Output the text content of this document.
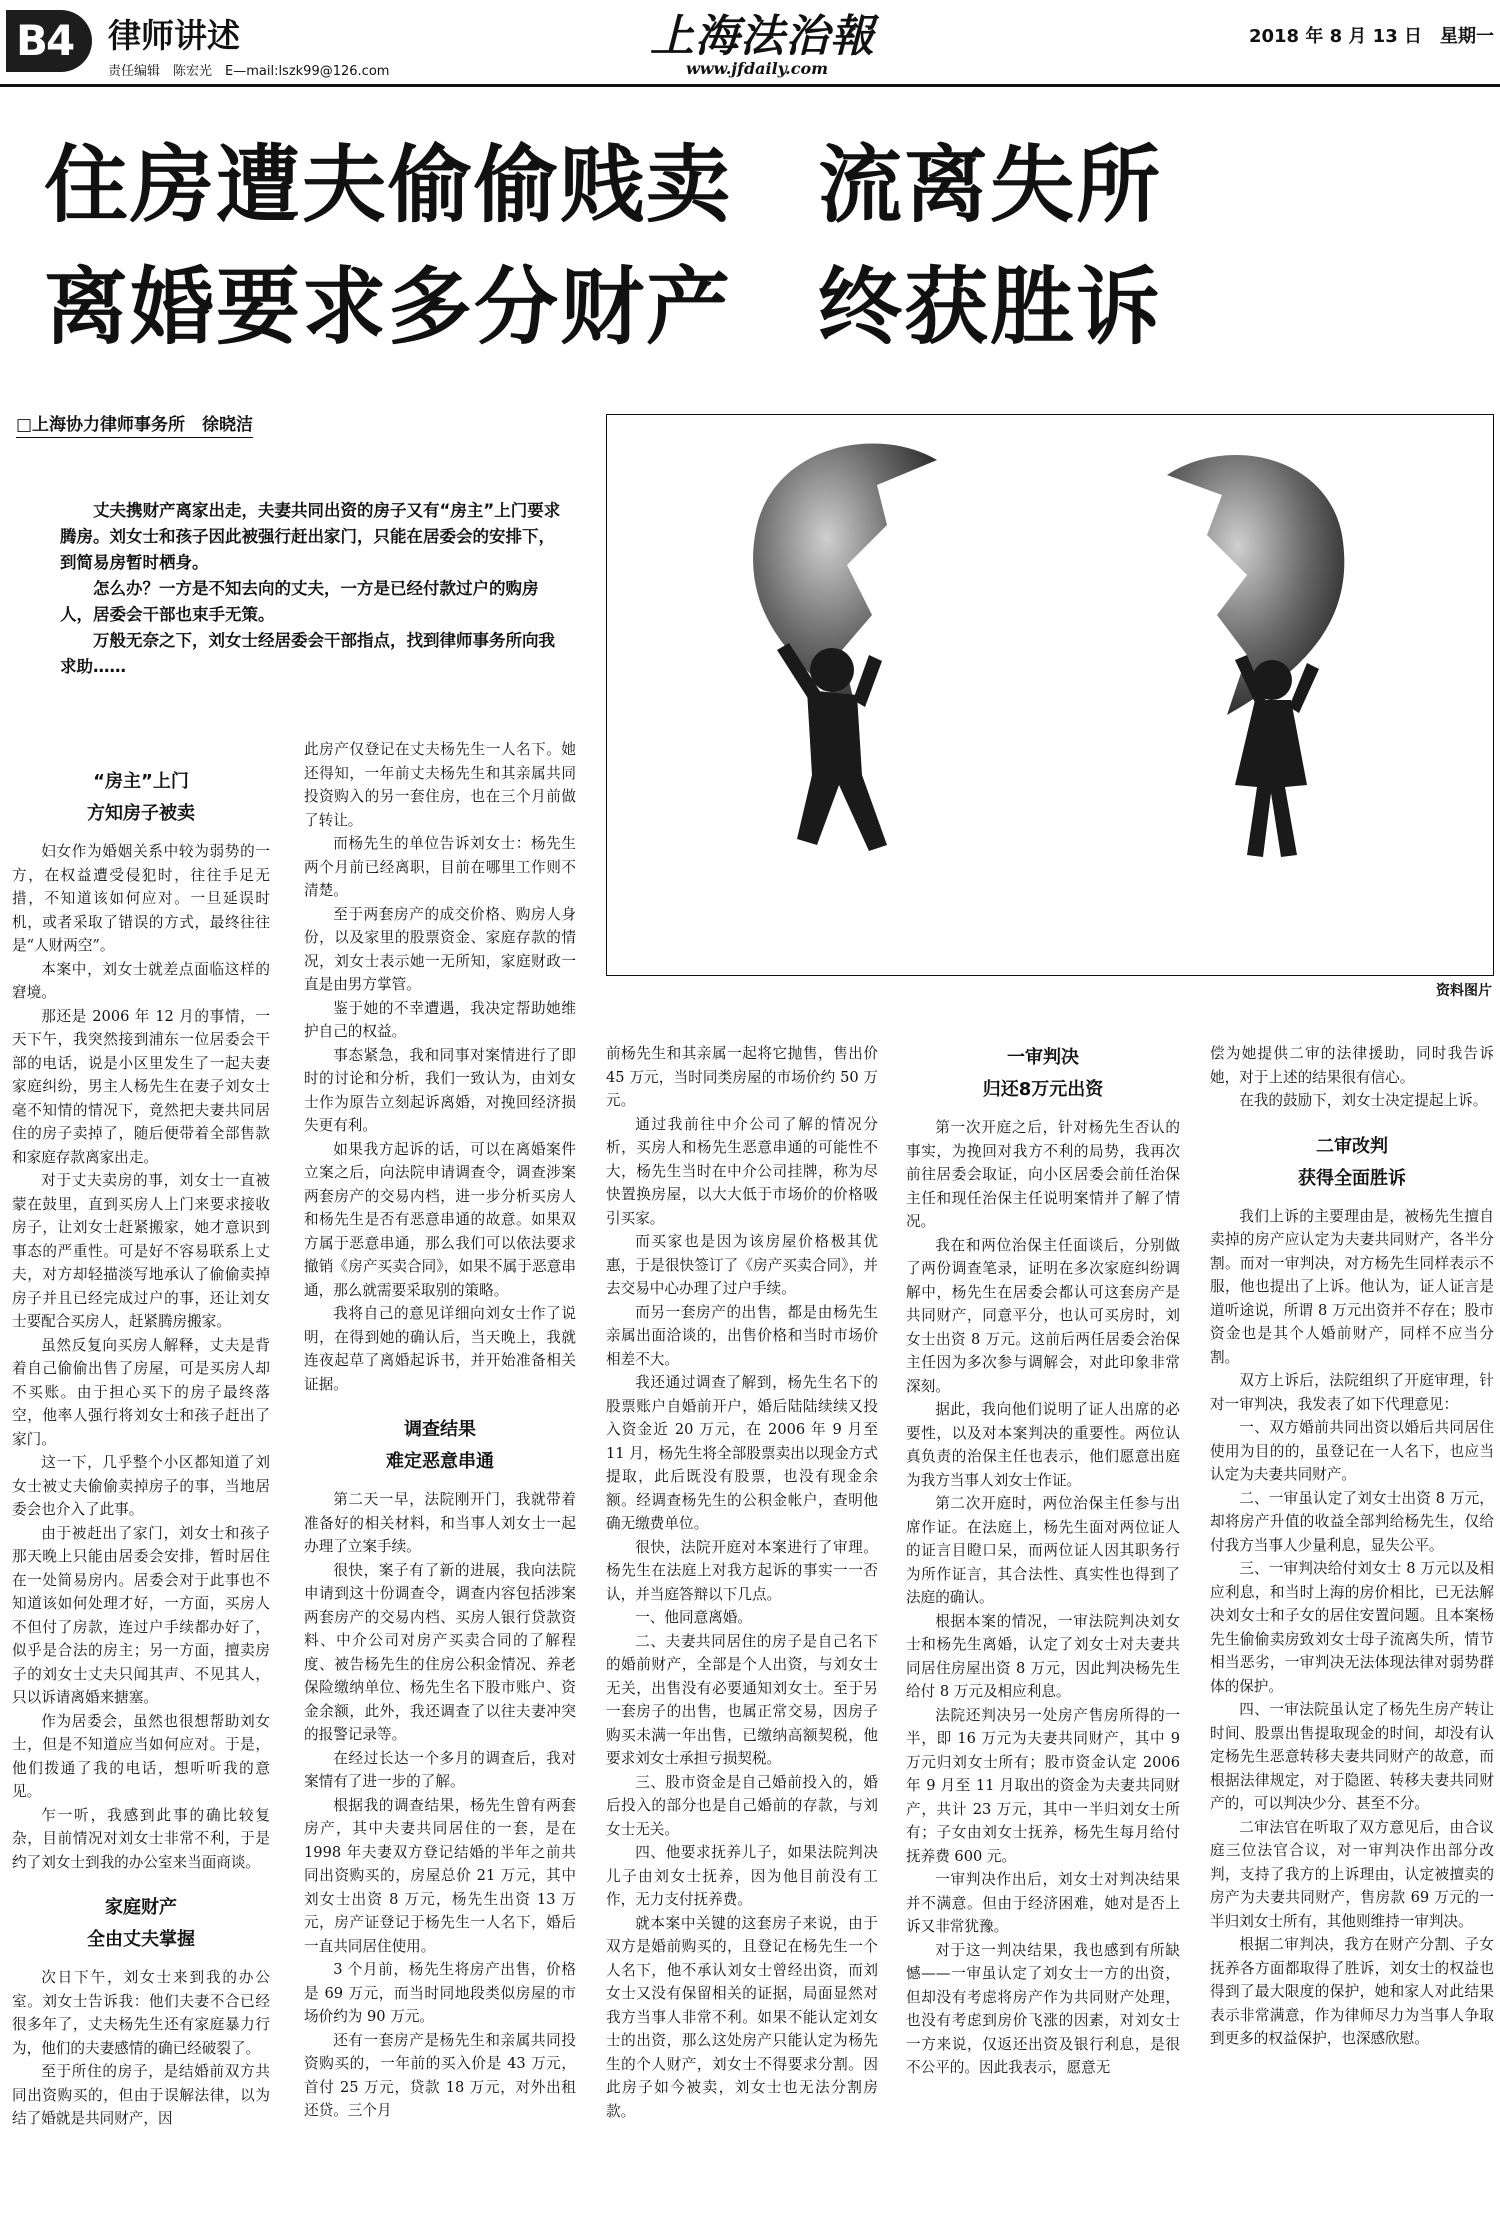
B4	律师讲述
责任编辑　陈宏光　E—mail:lszk99@126.com
上海法治報
www.jfdaily.com
2018 年 8 月 13 日　星期一
住房遭夫偷偷贱卖　流离失所
离婚要求多分财产　终获胜诉
□上海协力律师事务所　徐晓洁

丈夫携财产离家出走，夫妻共同出资的房子又有“房主”上门要求腾房。刘女士和孩子因此被强行赶出家门，只能在居委会的安排下，到简易房暂时栖身。

怎么办？一方是不知去向的丈夫，一方是已经付款过户的购房人，居委会干部也束手无策。

万般无奈之下，刘女士经居委会干部指点，找到律师事务所向我求助……

资料图片
“房主”上门
方知房子被卖

妇女作为婚姻关系中较为弱势的一方，在权益遭受侵犯时，往往手足无措，不知道该如何应对。一旦延误时机，或者采取了错误的方式，最终往往是“人财两空”。

本案中，刘女士就差点面临这样的窘境。

那还是 2006 年 12 月的事情，一天下午，我突然接到浦东一位居委会干部的电话，说是小区里发生了一起夫妻家庭纠纷，男主人杨先生在妻子刘女士毫不知情的情况下，竟然把夫妻共同居住的房子卖掉了，随后便带着全部售款和家庭存款离家出走。

对于丈夫卖房的事，刘女士一直被蒙在鼓里，直到买房人上门来要求接收房子，让刘女士赶紧搬家，她才意识到事态的严重性。可是好不容易联系上丈夫，对方却轻描淡写地承认了偷偷卖掉房子并且已经完成过户的事，还让刘女士要配合买房人，赶紧腾房搬家。

虽然反复向买房人解释，丈夫是背着自己偷偷出售了房屋，可是买房人却不买账。由于担心买下的房子最终落空，他率人强行将刘女士和孩子赶出了家门。

这一下，几乎整个小区都知道了刘女士被丈夫偷偷卖掉房子的事，当地居委会也介入了此事。

由于被赶出了家门，刘女士和孩子那天晚上只能由居委会安排，暂时居住在一处简易房内。居委会对于此事也不知道该如何处理才好，一方面，买房人不但付了房款，连过户手续都办好了，似乎是合法的房主；另一方面，擅卖房子的刘女士丈夫只闻其声、不见其人，只以诉请离婚来搪塞。

作为居委会，虽然也很想帮助刘女士，但是不知道应当如何应对。于是，他们拨通了我的电话，想听听我的意见。

乍一听，我感到此事的确比较复杂，目前情况对刘女士非常不利，于是约了刘女士到我的办公室来当面商谈。

家庭财产
全由丈夫掌握

次日下午，刘女士来到我的办公室。刘女士告诉我：他们夫妻不合已经很多年了，丈夫杨先生还有家庭暴力行为，他们的夫妻感情的确已经破裂了。

至于所住的房子，是结婚前双方共同出资购买的，但由于误解法律，以为结了婚就是共同财产，因

此房产仅登记在丈夫杨先生一人名下。她还得知，一年前丈夫杨先生和其亲属共同投资购入的另一套住房，也在三个月前做了转让。

而杨先生的单位告诉刘女士：杨先生两个月前已经离职，目前在哪里工作则不清楚。

至于两套房产的成交价格、购房人身份，以及家里的股票资金、家庭存款的情况，刘女士表示她一无所知，家庭财政一直是由男方掌管。

鉴于她的不幸遭遇，我决定帮助她维护自己的权益。

事态紧急，我和同事对案情进行了即时的讨论和分析，我们一致认为，由刘女士作为原告立刻起诉离婚，对挽回经济损失更有利。

如果我方起诉的话，可以在离婚案件立案之后，向法院申请调查令，调查涉案两套房产的交易内档，进一步分析买房人和杨先生是否有恶意串通的故意。如果双方属于恶意串通，那么我们可以依法要求撤销《房产买卖合同》，如果不属于恶意串通，那么就需要采取别的策略。

我将自己的意见详细向刘女士作了说明，在得到她的确认后，当天晚上，我就连夜起草了离婚起诉书，并开始准备相关证据。

调查结果
难定恶意串通

第二天一早，法院刚开门，我就带着准备好的相关材料，和当事人刘女士一起办理了立案手续。

很快，案子有了新的进展，我向法院申请到这十份调查令，调查内容包括涉案两套房产的交易内档、买房人银行贷款资料、中介公司对房产买卖合同的了解程度、被告杨先生的住房公积金情况、养老保险缴纳单位、杨先生名下股市账户、资金余额，此外，我还调查了以往夫妻冲突的报警记录等。

在经过长达一个多月的调查后，我对案情有了进一步的了解。

根据我的调查结果，杨先生曾有两套房产，其中夫妻共同居住的一套，是在 1998 年夫妻双方登记结婚的半年之前共同出资购买的，房屋总价 21 万元，其中刘女士出资 8 万元，杨先生出资 13 万元，房产证登记于杨先生一人名下，婚后一直共同居住使用。

3 个月前，杨先生将房产出售，价格是 69 万元，而当时同地段类似房屋的市场价约为 90 万元。

还有一套房产是杨先生和亲属共同投资购买的，一年前的买入价是 43 万元，首付 25 万元，贷款 18 万元，对外出租还贷。三个月

前杨先生和其亲属一起将它抛售，售出价 45 万元，当时同类房屋的市场价约 50 万元。

通过我前往中介公司了解的情况分析，买房人和杨先生恶意串通的可能性不大，杨先生当时在中介公司挂牌，称为尽快置换房屋，以大大低于市场价的价格吸引买家。

而买家也是因为该房屋价格极其优惠，于是很快签订了《房产买卖合同》，并去交易中心办理了过户手续。

而另一套房产的出售，都是由杨先生亲属出面洽谈的，出售价格和当时市场价相差不大。

我还通过调查了解到，杨先生名下的股票账户自婚前开户，婚后陆陆续续又投入资金近 20 万元，在 2006 年 9 月至 11 月，杨先生将全部股票卖出以现金方式提取，此后既没有股票，也没有现金余额。经调查杨先生的公积金帐户，查明他确无缴费单位。

很快，法院开庭对本案进行了审理。杨先生在法庭上对我方起诉的事实一一否认，并当庭答辩以下几点。

一、他同意离婚。

二、夫妻共同居住的房子是自己名下的婚前财产，全部是个人出资，与刘女士无关，出售没有必要通知刘女士。至于另一套房子的出售，也属正常交易，因房子购买未满一年出售，已缴纳高额契税，他要求刘女士承担亏损契税。

三、股市资金是自己婚前投入的，婚后投入的部分也是自己婚前的存款，与刘女士无关。

四、他要求抚养儿子，如果法院判决儿子由刘女士抚养，因为他目前没有工作，无力支付抚养费。

就本案中关键的这套房子来说，由于双方是婚前购买的，且登记在杨先生一个人名下，他不承认刘女士曾经出资，而刘女士又没有保留相关的证据，局面显然对我方当事人非常不利。如果不能认定刘女士的出资，那么这处房产只能认定为杨先生的个人财产，刘女士不得要求分割。因此房子如今被卖，刘女士也无法分割房款。

一审判决
归还8万元出资

第一次开庭之后，针对杨先生否认的事实，为挽回对我方不利的局势，我再次前往居委会取证，向小区居委会前任治保主任和现任治保主任说明案情并了解了情况。

我在和两位治保主任面谈后，分别做了两份调查笔录，证明在多次家庭纠纷调解中，杨先生在居委会都认可这套房产是共同财产，同意平分，也认可买房时，刘女士出资 8 万元。这前后两任居委会治保主任因为多次参与调解会，对此印象非常深刻。

据此，我向他们说明了证人出席的必要性，以及对本案判决的重要性。两位认真负责的治保主任也表示，他们愿意出庭为我方当事人刘女士作证。

第二次开庭时，两位治保主任参与出席作证。在法庭上，杨先生面对两位证人的证言目瞪口呆，而两位证人因其职务行为所作证言，其合法性、真实性也得到了法庭的确认。

根据本案的情况，一审法院判决刘女士和杨先生离婚，认定了刘女士对夫妻共同居住房屋出资 8 万元，因此判决杨先生给付 8 万元及相应利息。

法院还判决另一处房产售房所得的一半，即 16 万元为夫妻共同财产，其中 9 万元归刘女士所有；股市资金认定 2006 年 9 月至 11 月取出的资金为夫妻共同财产，共计 23 万元，其中一半归刘女士所有；子女由刘女士抚养，杨先生每月给付抚养费 600 元。

一审判决作出后，刘女士对判决结果并不满意。但由于经济困难，她对是否上诉又非常犹豫。

对于这一判决结果，我也感到有所缺憾——一审虽认定了刘女士一方的出资，但却没有考虑将房产作为共同财产处理，也没有考虑到房价飞涨的因素，对刘女士一方来说，仅返还出资及银行利息，是很不公平的。因此我表示，愿意无

偿为她提供二审的法律援助，同时我告诉她，对于上述的结果很有信心。

在我的鼓励下，刘女士决定提起上诉。

二审改判
获得全面胜诉

我们上诉的主要理由是，被杨先生擅自卖掉的房产应认定为夫妻共同财产，各半分割。而对一审判决，对方杨先生同样表示不服，他也提出了上诉。他认为，证人证言是道听途说，所谓 8 万元出资并不存在；股市资金也是其个人婚前财产，同样不应当分割。

双方上诉后，法院组织了开庭审理，针对一审判决，我发表了如下代理意见：

一、双方婚前共同出资以婚后共同居住使用为目的的，虽登记在一人名下，也应当认定为夫妻共同财产。

二、一审虽认定了刘女士出资 8 万元，却将房产升值的收益全部判给杨先生，仅给付我方当事人少量利息，显失公平。

三、一审判决给付刘女士 8 万元以及相应利息，和当时上海的房价相比，已无法解决刘女士和子女的居住安置问题。且本案杨先生偷偷卖房致刘女士母子流离失所，情节相当恶劣，一审判决无法体现法律对弱势群体的保护。

四、一审法院虽认定了杨先生房产转让时间、股票出售提取现金的时间，却没有认定杨先生恶意转移夫妻共同财产的故意，而根据法律规定，对于隐匿、转移夫妻共同财产的，可以判决少分、甚至不分。

二审法官在听取了双方意见后，由合议庭三位法官合议，对一审判决作出部分改判，支持了我方的上诉理由，认定被擅卖的房产为夫妻共同财产，售房款 69 万元的一半归刘女士所有，其他则维持一审判决。

根据二审判决，我方在财产分割、子女抚养各方面都取得了胜诉，刘女士的权益也得到了最大限度的保护，她和家人对此结果表示非常满意，作为律师尽力为当事人争取到更多的权益保护，也深感欣慰。
